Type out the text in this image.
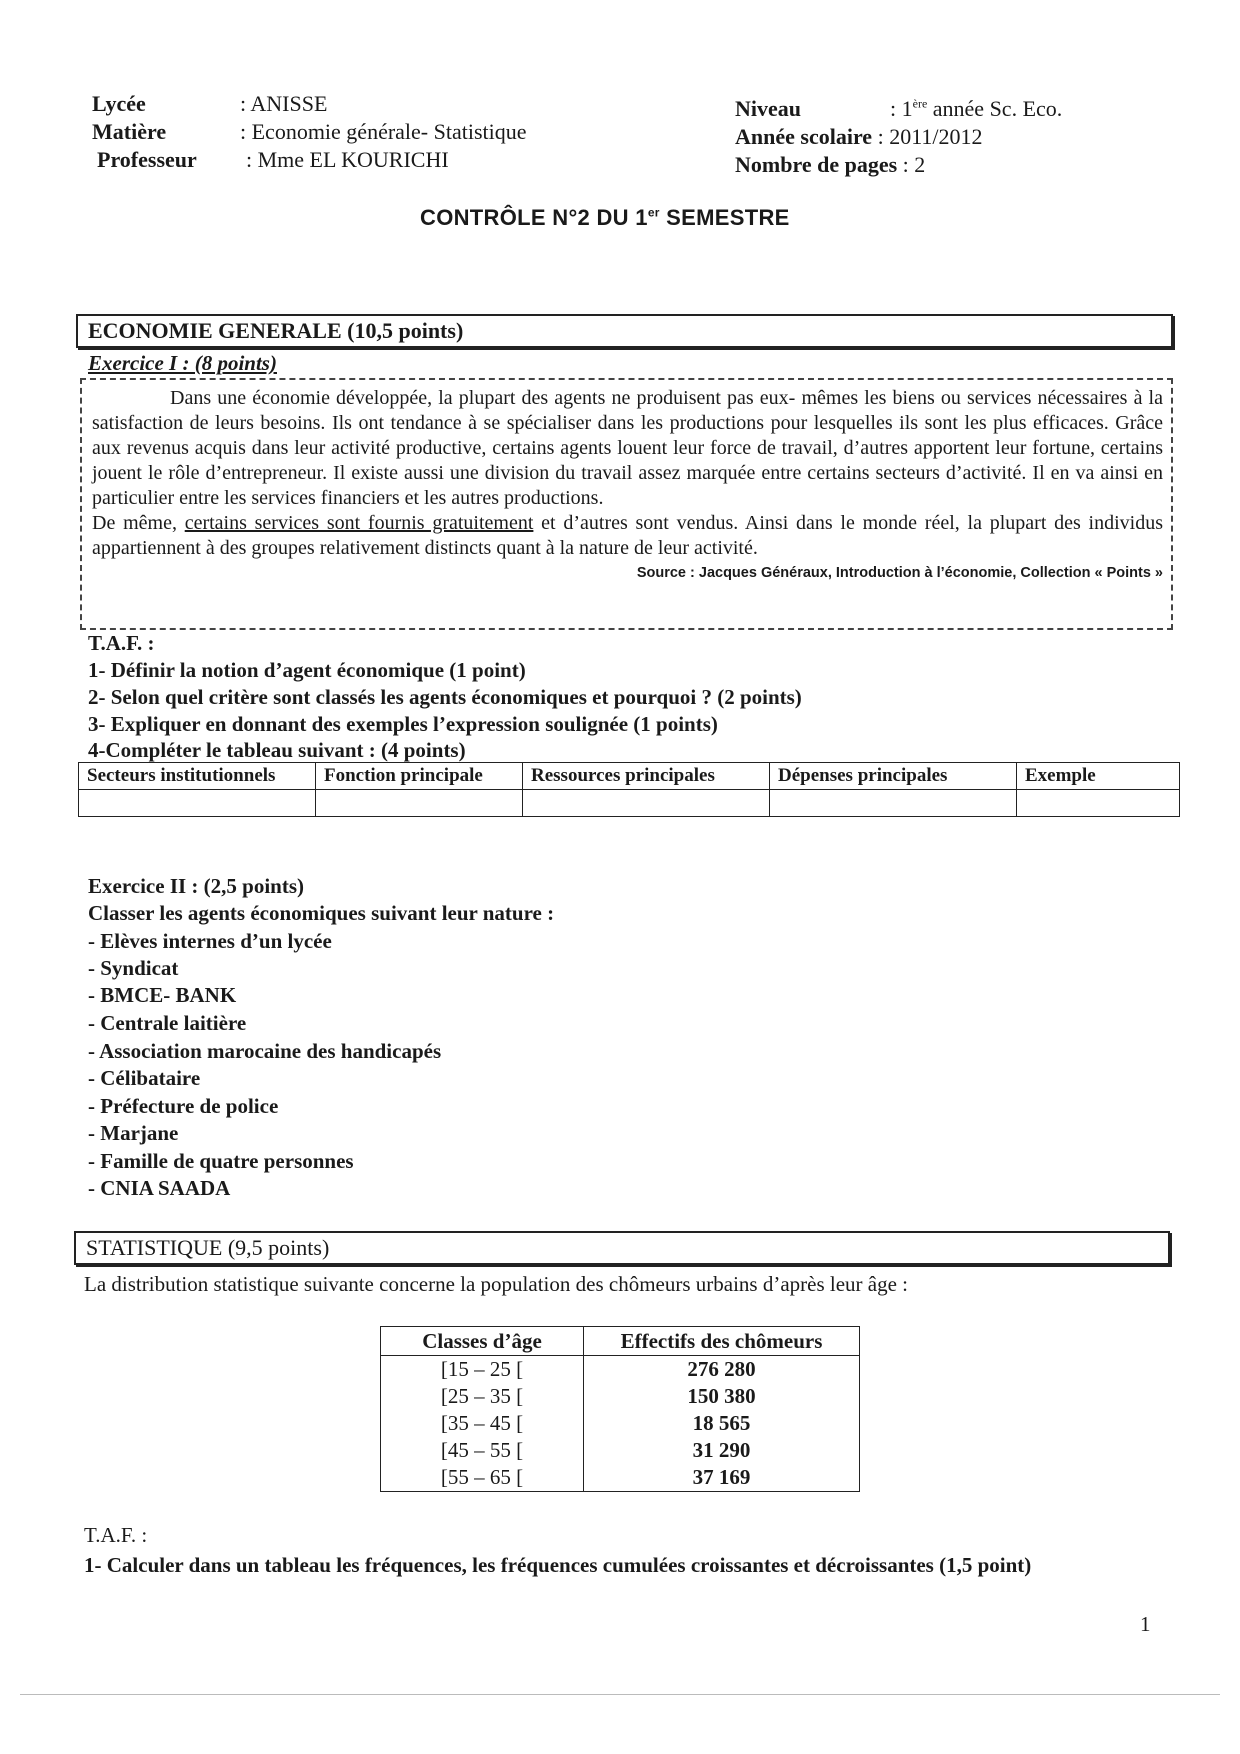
Lycée	: ANISSE
Matière	: Economie générale- Statistique
Professeur : Mme EL KOURICHI
Niveau	: 1ère année Sc. Eco.
Année scolaire : 2011/2012
Nombre de pages : 2
CONTRÔLE N°2 DU 1er SEMESTRE
ECONOMIE GENERALE (10,5 points)
Exercice I : (8 points)

Dans une économie développée, la plupart des agents ne produisent pas eux- mêmes les biens ou services nécessaires à la satisfaction de leurs besoins. Ils ont tendance à se spécialiser dans les productions pour lesquelles ils sont les plus efficaces. Grâce aux revenus acquis dans leur activité productive, certains agents louent leur force de travail, d’autres apportent leur fortune, certains jouent le rôle d’entrepreneur. Il existe aussi une division du travail assez marquée entre certains secteurs d’activité. Il en va ainsi en particulier entre les services financiers et les autres productions.

De même, certains services sont fournis gratuitement et d’autres sont vendus. Ainsi dans le monde réel, la plupart des individus appartiennent à des groupes relativement distincts quant à la nature de leur activité.

Source : Jacques Généraux, Introduction à l’économie, Collection « Points »
T.A.F. :
1- Définir la notion d’agent économique (1 point)
2- Selon quel critère sont classés les agents économiques et pourquoi ? (2 points)
3- Expliquer en donnant des exemples l’expression soulignée (1 points)
4-Compléter le tableau suivant : (4 points)
Secteurs institutionnels	Fonction principale	Ressources principales	Dépenses principales	Exemple

Exercice II : (2,5 points)
Classer les agents économiques suivant leur nature :
- Elèves internes d’un lycée
- Syndicat
- BMCE- BANK
- Centrale laitière
- Association marocaine des handicapés
- Célibataire
- Préfecture de police
- Marjane
- Famille de quatre personnes
- CNIA SAADA
STATISTIQUE (9,5 points)
La distribution statistique suivante concerne la population des chômeurs urbains d’après leur âge :
Classes d’âge	Effectifs des chômeurs
[15 – 25 [	276 280
[25 – 35 [	150 380
[35 – 45 [	18 565
[45 – 55 [	31 290
[55 – 65 [	37 169
T.A.F. :
1- Calculer dans un tableau les fréquences, les fréquences cumulées croissantes et décroissantes (1,5 point)
1
